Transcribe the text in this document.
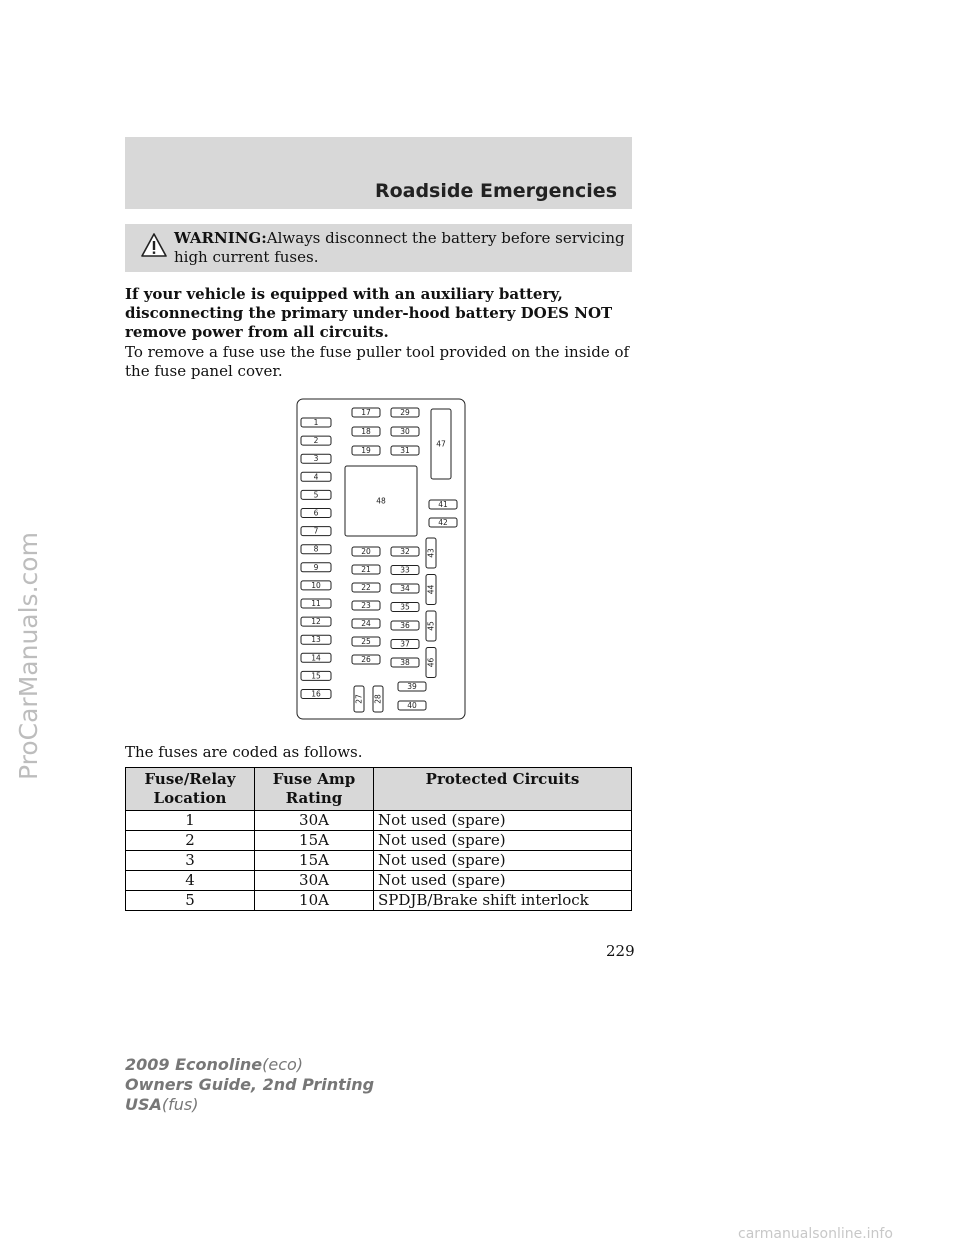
Roadside Emergencies
WARNING:Always disconnect the battery before servicing high current fuses.
If your vehicle is equipped with an auxiliary battery, disconnecting the primary under-hood battery DOES NOT remove power from all circuits.
To remove a fuse use the fuse puller tool provided on the inside of the fuse panel cover.
1
2
3
4
5
6
7
8
9
10
11
12
13
14
15
16
17
18
19
29
30
31
48
47
41
42
20
21
22
23
24
25
26
32
33
34
35
36
37
38
43
44
45
46
27 28
39
40
The fuses are coded as follows.
Fuse/Relay Location	Fuse Amp Rating	Protected Circuits
1	30A	Not used (spare)
2	15A	Not used (spare)
3	15A	Not used (spare)
4	30A	Not used (spare)
5	10A	SPDJB/Brake shift interlock
229
2009 Econoline(eco)
Owners Guide, 2nd Printing
USA(fus)
ProCarManuals.com
carmanualsonline.info
